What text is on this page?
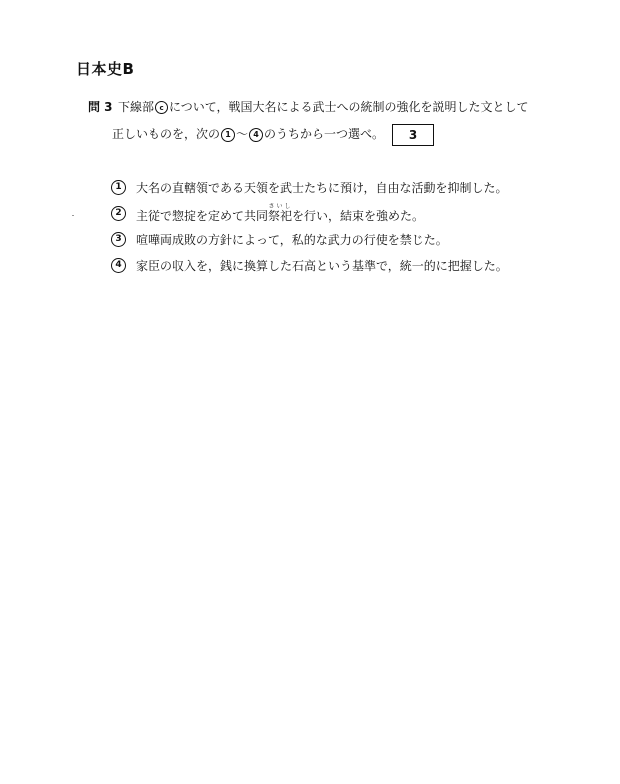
日本史B
問 3 下線部 c について，戦国大名による武士への統制の強化を説明した文として
正しいものを，次の 1 〜 4 のうちから一つ選べ。 3
1	大名の直轄領である天領を武士たちに預け，自由な活動を抑制した。
2	主従で惣掟を定めて共同祭祀さいしを行い，結束を強めた。
3	喧嘩両成敗の方針によって，私的な武力の行使を禁じた。
4	家臣の収入を，銭に換算した石高という基準で，統一的に把握した。
